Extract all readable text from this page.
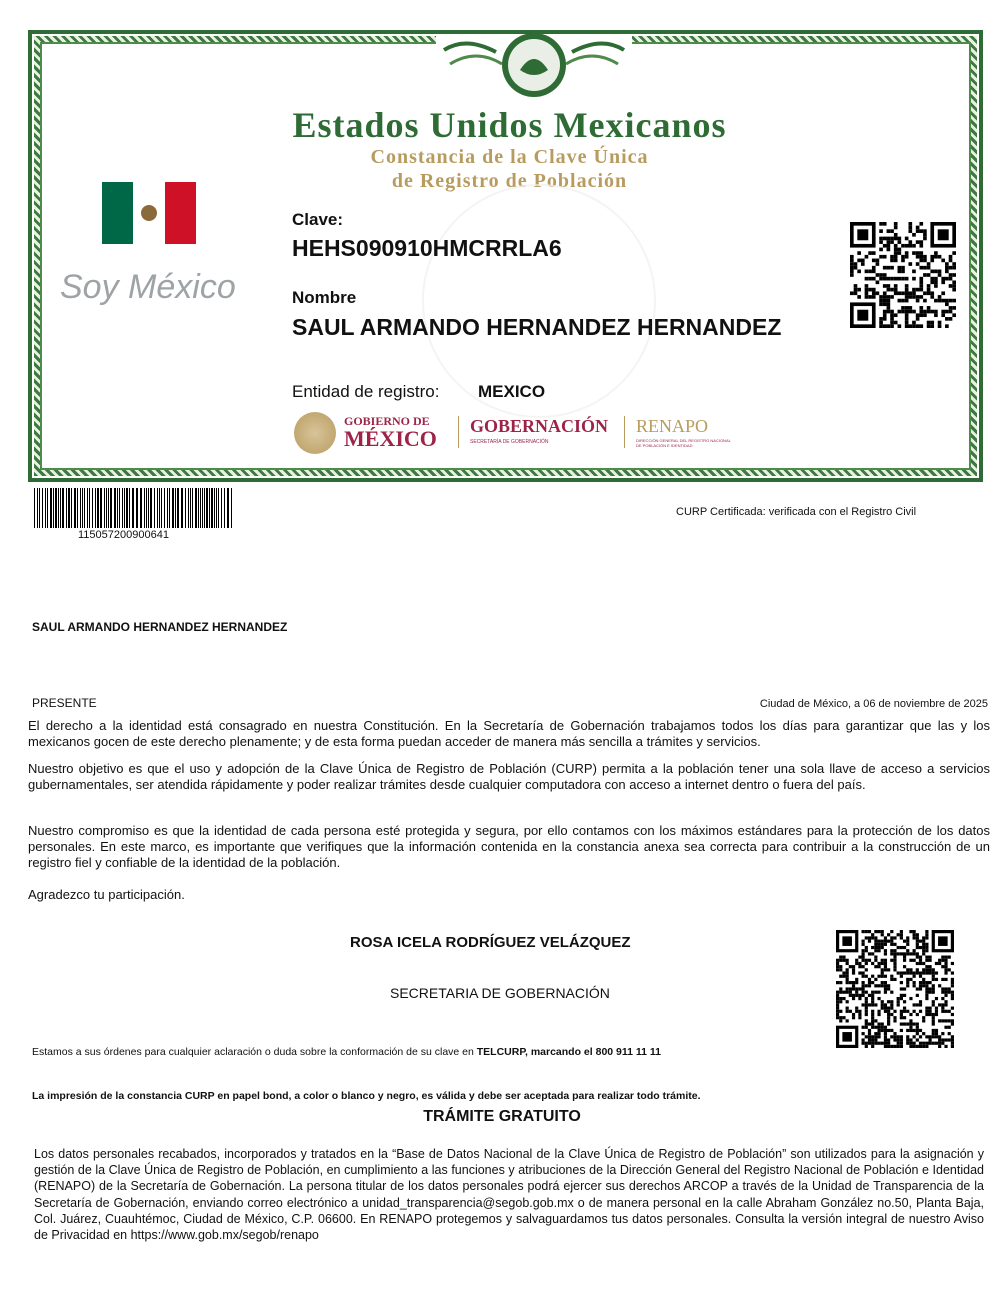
Estados Unidos Mexicanos
Constancia de la Clave Única
de Registro de Población
Soy México
Clave:
HEHS090910HMCRRLA6
Nombre
SAUL ARMANDO HERNANDEZ HERNANDEZ
Entidad de registro: MEXICO
GOBIERNO DE
MÉXICO GOBERNACIÓN
SECRETARÍA DE GOBERNACIÓN
RENAPO
DIRECCIÓN GENERAL DEL REGISTRO NACIONAL DE POBLACIÓN E IDENTIDAD
115057200900641
CURP Certificada: verificada con el Registro Civil
SAUL ARMANDO HERNANDEZ HERNANDEZ
PRESENTE	Ciudad de México, a 06 de noviembre de 2025
El derecho a la identidad está consagrado en nuestra Constitución. En la Secretaría de Gobernación trabajamos todos los días para garantizar que las y los mexicanos gocen de este derecho plenamente; y de esta forma puedan acceder de manera más sencilla a trámites y servicios.
Nuestro objetivo es que el uso y adopción de la Clave Única de Registro de Población (CURP) permita a la población tener una sola llave de acceso a servicios gubernamentales, ser atendida rápidamente y poder realizar trámites desde cualquier computadora con acceso a internet dentro o fuera del país.
Nuestro compromiso es que la identidad de cada persona esté protegida y segura, por ello contamos con los máximos estándares para la protección de los datos personales. En este marco, es importante que verifiques que la información contenida en la constancia anexa sea correcta para contribuir a la construcción de un registro fiel y confiable de la identidad de la población.
Agradezco tu participación.
ROSA ICELA RODRÍGUEZ VELÁZQUEZ
SECRETARIA DE GOBERNACIÓN
Estamos a sus órdenes para cualquier aclaración o duda sobre la conformación de su clave en TELCURP, marcando el 800 911 11 11
La impresión de la constancia CURP en papel bond, a color o blanco y negro, es válida y debe ser aceptada para realizar todo trámite.
TRÁMITE GRATUITO
Los datos personales recabados, incorporados y tratados en la “Base de Datos Nacional de la Clave Única de Registro de Población” son utilizados para la asignación y gestión de la Clave Única de Registro de Población, en cumplimiento a las funciones y atribuciones de la Dirección General del Registro Nacional de Población e Identidad (RENAPO) de la Secretaría de Gobernación. La persona titular de los datos personales podrá ejercer sus derechos ARCOP a través de la Unidad de Transparencia de la Secretaría de Gobernación, enviando correo electrónico a unidad_transparencia@segob.gob.mx o de manera personal en la calle Abraham González no.50, Planta Baja, Col. Juárez, Cuauhtémoc, Ciudad de México, C.P. 06600. En RENAPO protegemos y salvaguardamos tus datos personales. Consulta la versión integral de nuestro Aviso de Privacidad en https://www.gob.mx/segob/renapo
